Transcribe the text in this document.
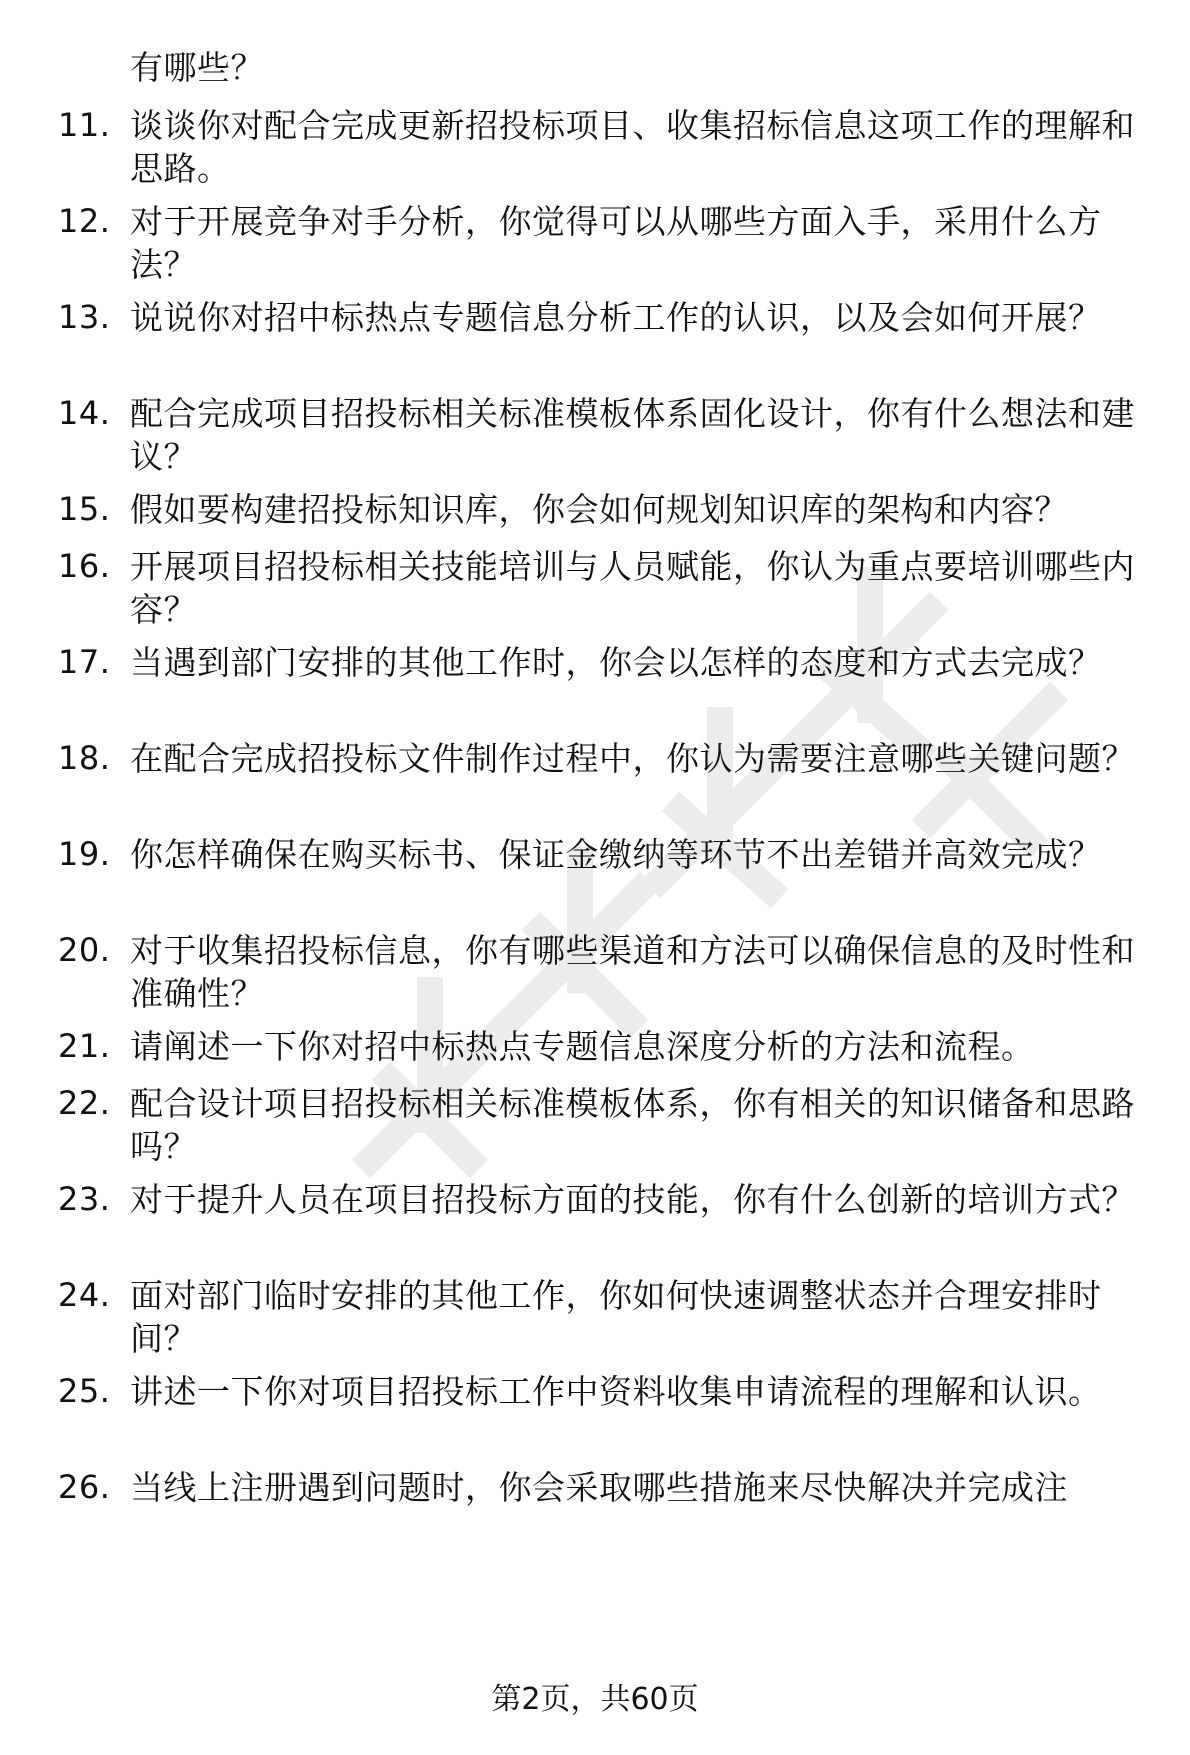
有哪些？
11. 谈谈你对配合完成更新招投标项目、收集招标信息这项工作的理解和思路。
12. 对于开展竞争对手分析，你觉得可以从哪些方面入手，采用什么方法？
13. 说说你对招中标热点专题信息分析工作的认识，以及会如何开展？
14. 配合完成项目招投标相关标准模板体系固化设计，你有什么想法和建议？
15. 假如要构建招投标知识库，你会如何规划知识库的架构和内容？
16. 开展项目招投标相关技能培训与人员赋能，你认为重点要培训哪些内容？
17. 当遇到部门安排的其他工作时，你会以怎样的态度和方式去完成？
18. 在配合完成招投标文件制作过程中，你认为需要注意哪些关键问题？
19. 你怎样确保在购买标书、保证金缴纳等环节不出差错并高效完成？
20. 对于收集招投标信息，你有哪些渠道和方法可以确保信息的及时性和准确性？
21. 请阐述一下你对招中标热点专题信息深度分析的方法和流程。
22. 配合设计项目招投标相关标准模板体系，你有相关的知识储备和思路吗？
23. 对于提升人员在项目招投标方面的技能，你有什么创新的培训方式？
24. 面对部门临时安排的其他工作，你如何快速调整状态并合理安排时间？
25. 讲述一下你对项目招投标工作中资料收集申请流程的理解和认识。
26. 当线上注册遇到问题时，你会采取哪些措施来尽快解决并完成注
第2页，共60页
